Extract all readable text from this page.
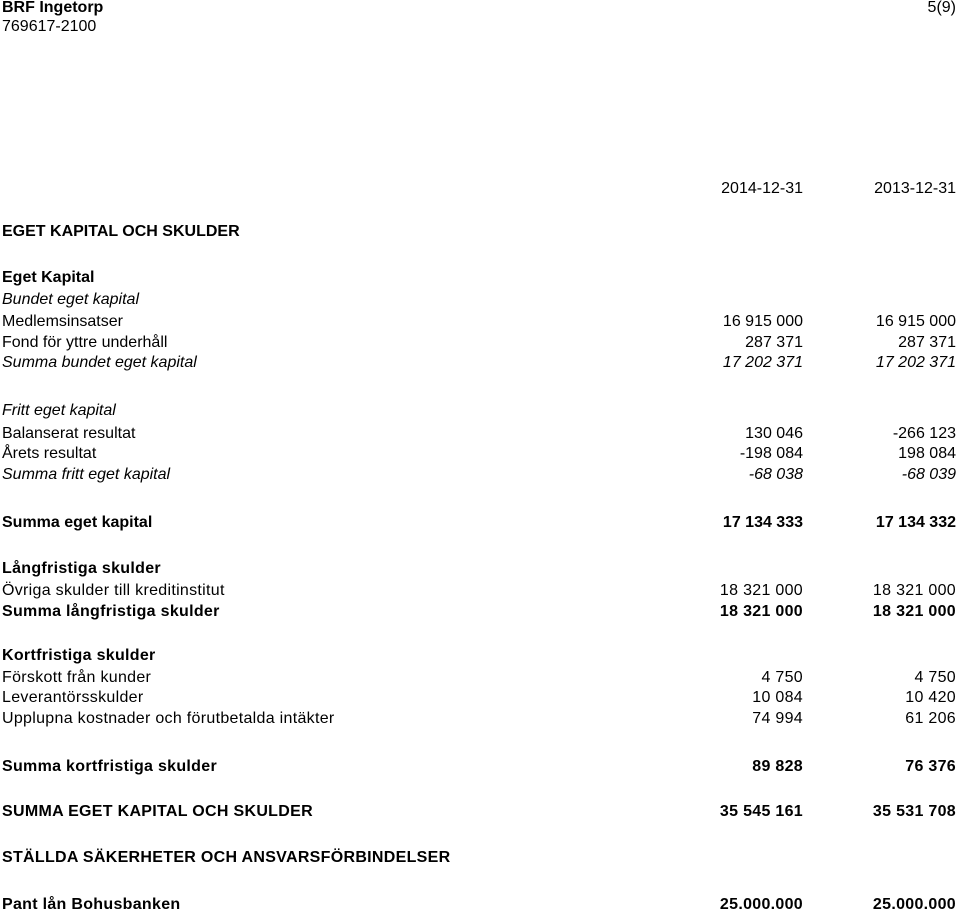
BRF Ingetorp
769617-2100
5(9)
2014-12-31	2013-12-31
EGET KAPITAL OCH SKULDER
Eget Kapital
Bundet eget kapital
Medlemsinsatser	16 915 000	16 915 000
Fond för yttre underhåll	287 371	287 371
Summa bundet eget kapital	17 202 371	17 202 371
Fritt eget kapital
Balanserat resultat	130 046	-266 123
Årets resultat	-198 084	198 084
Summa fritt eget kapital	-68 038	-68 039
Summa eget kapital	17 134 333	17 134 332
Långfristiga skulder
Övriga skulder till kreditinstitut	18 321 000	18 321 000
Summa långfristiga skulder	18 321 000	18 321 000
Kortfristiga skulder
Förskott från kunder	4 750	4 750
Leverantörsskulder	10 084	10 420
Upplupna kostnader och förutbetalda intäkter	74 994	61 206
Summa kortfristiga skulder	89 828	76 376
SUMMA EGET KAPITAL OCH SKULDER	35 545 161	35 531 708
STÄLLDA SÄKERHETER OCH ANSVARSFÖRBINDELSER
Pant lån Bohusbanken	25.000.000	25.000.000
